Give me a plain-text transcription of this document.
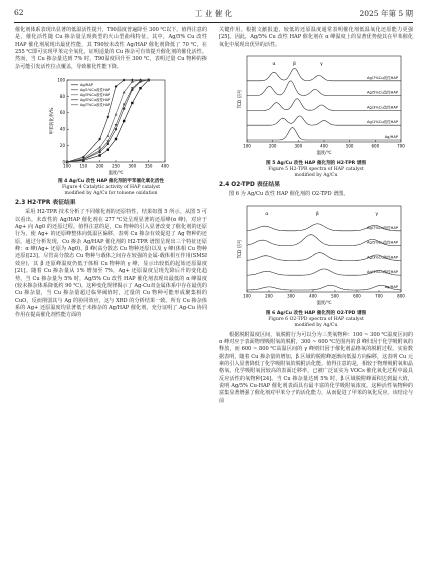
62	工 业 催 化	2025 年第 5 期

催化剂体系表现出显著的低温活性提升，T90温度普遍降至 300 ℃以下。值得注意的是，催化活性随 Cu 掺杂量呈现典型的火山型曲线特征。其中，Ag/5% Cu 改性 HAP 催化剂展现出最优性能，其 T90较未改性 Ag/HAP 催化剂降低了 70 ℃，在 255 ℃即可实现甲苯完全氧化，证明适量的 Cu 掺杂可有效提升催化剂的催化活性。然而，当 Cu 掺杂量达到 7% 时，T90温度回升至 300 ℃，表明过量 Cu 物种的掺杂可能引发活性位点覆盖，导致催化性能下降。

100 150 200 250 300 350 400
0
20
40
60
80
100
温度/℃
甲苯转化率/%
Ag/HAP
Ag/1%Cu改性HAP
Ag/3%Cu改性HAP
Ag/5%Cu改性HAP
Ag/7%Cu改性HAP
图 4 Ag/Cu 改性 HAP 催化剂的甲苯催化氧化活性
Figure 4 Catalytic activity of HAP catalyst
modified by Ag/Cu for toluene oxidation
2.3 H2-TPR 表征结果

采用 H2-TPR 技术分析了不同催化剂的还原特性，结果如图 5 所示。从图 5 可以看出，未改性的 Ag/HAP 催化剂在 277 ℃处呈现显著的还原峰(α 峰)，对应于 Ag+ 向 Ag0 的还原过程。值得注意的是，Cu 物种的引入显著改变了催化剂的还原行为，使 Ag+ 的还原峰整体向低温区偏移，表明 Cu 掺杂有效促进了 Ag 物种的还原。通过分析发现，Cu 掺杂 Ag/HAP 催化剂的 H2-TPR 谱图呈现出三个特征还原峰：α 峰(Ag+ 还原为 Ag0)、β 峰(高分散态 Cu 物种还原)以及 γ 峰(体相 Cu 物种还原)[23]。尽管高分散态 Cu 物种与载体之间存在较强的金属-载体相互作用(SMSI 效应)，其 β 还原峰温度仍低于体相 Cu 物种的 γ 峰，显示出较低的起始还原温度[21]。随着 Cu 掺杂量从 1% 增加至 7%，Ag+ 还原温度呈现先降后升的变化趋势，当 Cu 掺杂量为 5% 时，Ag/5% Cu 改性 HAP 催化剂表现出最低的 α 峰温度(较未掺杂体系降低约 90 ℃)。这种变化规律揭示了 Ag-Cu双金属体系中存在最优的 Cu 掺杂量，当 Cu 掺杂量超过临界阈值时，过量的 Cu 物种可能形成聚集相的 CuO，反而削弱其与 Ag 的协同效应，这与 XRD 的分析结果一致。所有 Cu 掺杂体系的 Ag+ 还原温度均显著低于未掺杂的 Ag/HAP 催化剂，充分证明了 Ag-Cu 协同作用在提高催化剂性能方面的

关键作用。根据文献报道，较低的还原温度通常表明催化剂低温氧化还原能力更强[25]。因此，Ag/5% Cu 改性 HAP 催化剂在 α 峰温度上的显著优势使其在甲苯催化氧化中展现出优异的活性。

100	200	300	400	500	600	700
温度/℃
TCD 信号
Ag/7%Cu改性HAP
Ag/5%Cu改性HAP
Ag/3%Cu改性HAP
Ag/1%Cu改性HAP
Ag/HAP
α	β	γ
图 5 Ag/Cu 改性 HAP 催化剂的 H2-TPR 谱图
Figure 5 H2-TPR spectra of HAP catalyst
modified by Ag/Cu
2.4 O2-TPD 表征结果

图 6 为 Ag/Cu 改性 HAP 催化剂的 O2-TPD 谱图。

100	200	300	400	500	600	700	800
温度/℃
TCD 信号
Ag/7%Cu改性HAP
Ag/5%Cu改性HAP
Ag/3%Cu改性HAP
Ag/1%Cu改性HAP
Ag/HAP
α	β	γ
图 6 Ag/Cu 改性 HAP 催化剂的 O2-TPD 谱图
Figure 6 O2-TPD spectra of HAP catalyst
modified by Ag/Cu

根据脱附温度区间，氧脱附行为可以分为三类氧物种：100 ~ 300 ℃温度区间的 α 峰对应于表面物理吸附氧的脱附，300 ~ 600 ℃范围内的 β 峰归因于化学吸附氧的释放，而 600 ~ 800 ℃高温区间的 γ 峰则归因于催化剂晶格氧的脱附过程。实验数据表明，随着 Cu 掺杂量的增加，β 区域的脱附峰逐渐向低温方向偏移，这表明 Cu 元素的引入显著降低了化学吸附氧的脱附活化能。值得注意的是，相较于物理吸附氧和晶格氧，化学吸附氧因较高的表面迁移率，已被广泛证实为 VOCs 催化氧化过程中最具反应活性的氧物种[24]。当 Cu 掺杂量达到 5% 时，β 区域脱附峰面积达到最大值，说明 Ag/5% Cu-HAP 催化剂表面具有最丰富的化学吸附氧浓度。这种活性氧物种的富集显著增强了催化剂对甲苯分子的活化能力，从而促进了甲苯的氧化反应。该结论与前
